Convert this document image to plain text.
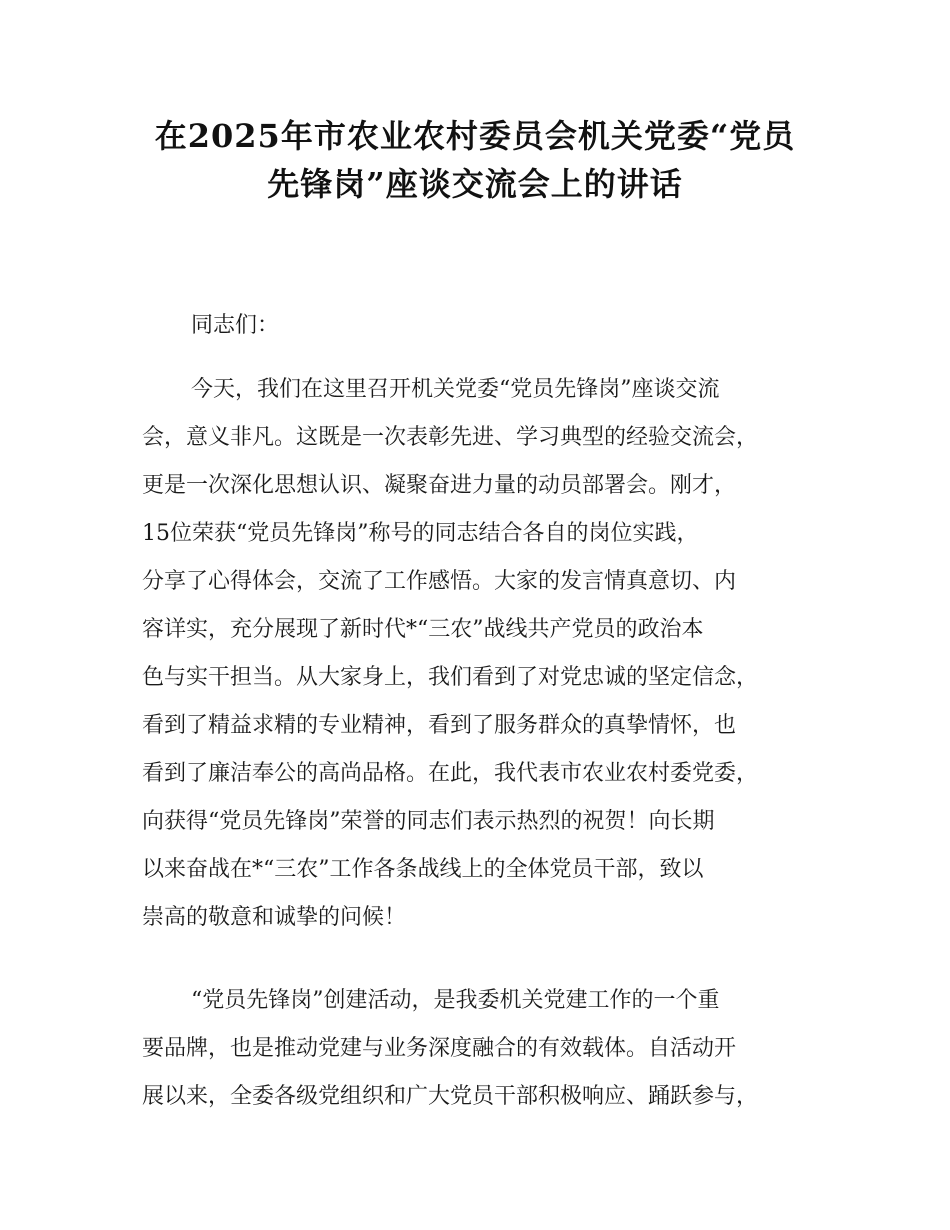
在2025年市农业农村委员会机关党委“党员
先锋岗”座谈交流会上的讲话
同志们：
今天，我们在这里召开机关党委“党员先锋岗”座谈交流
会，意义非凡。这既是一次表彰先进、学习典型的经验交流会，
更是一次深化思想认识、凝聚奋进力量的动员部署会。刚才，
15位荣获“党员先锋岗”称号的同志结合各自的岗位实践，
分享了心得体会，交流了工作感悟。大家的发言情真意切、内
容详实，充分展现了新时代*“三农”战线共产党员的政治本
色与实干担当。从大家身上，我们看到了对党忠诚的坚定信念，
看到了精益求精的专业精神，看到了服务群众的真挚情怀，也
看到了廉洁奉公的高尚品格。在此，我代表市农业农村委党委，
向获得“党员先锋岗”荣誉的同志们表示热烈的祝贺！向长期
以来奋战在*“三农”工作各条战线上的全体党员干部，致以
崇高的敬意和诚挚的问候！
“党员先锋岗”创建活动，是我委机关党建工作的一个重
要品牌，也是推动党建与业务深度融合的有效载体。自活动开
展以来，全委各级党组织和广大党员干部积极响应、踊跃参与，
